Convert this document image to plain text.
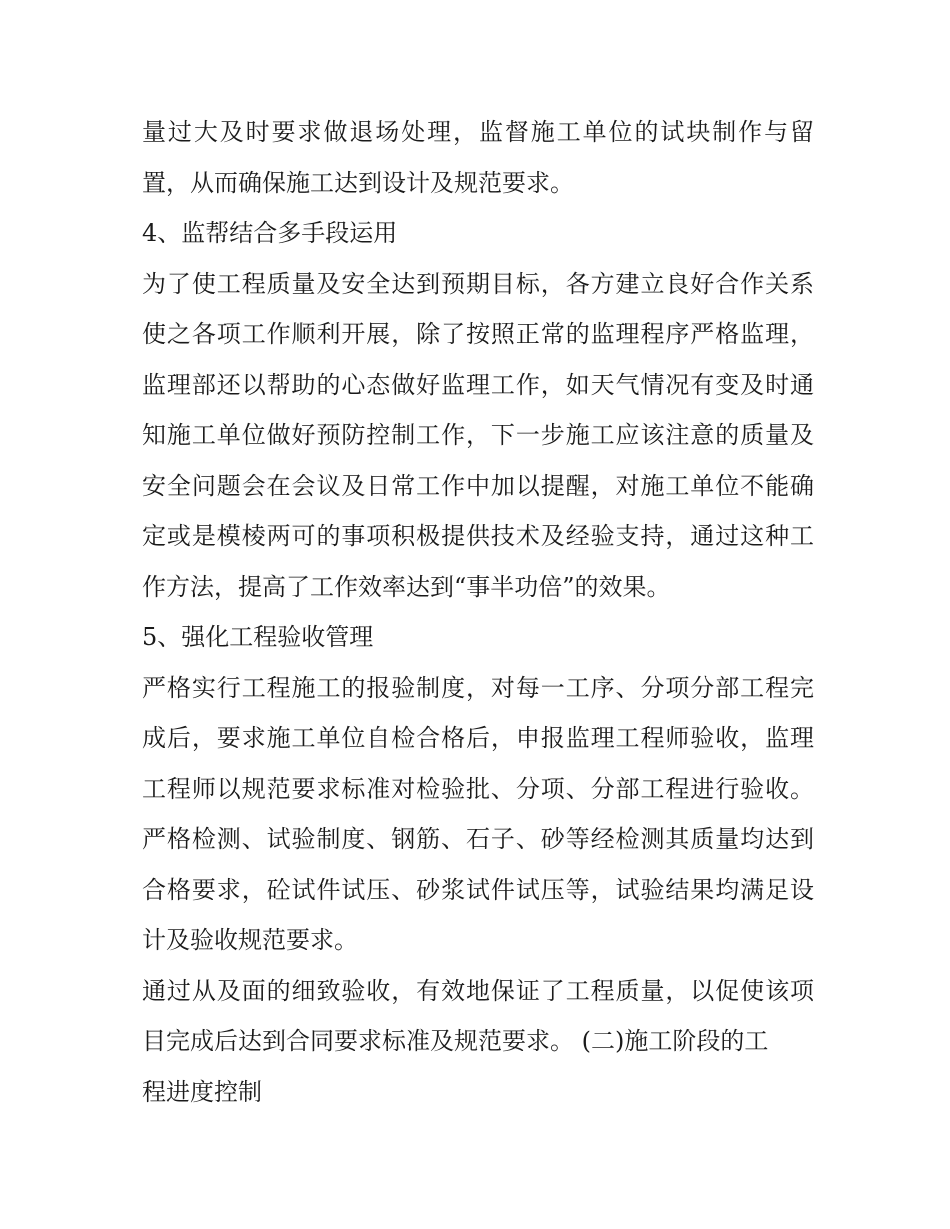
量过大及时要求做退场处理，监督施工单位的试块制作与留
置，从而确保施工达到设计及规范要求。
4、监帮结合多手段运用
为了使工程质量及安全达到预期目标，各方建立良好合作关系
使之各项工作顺利开展，除了按照正常的监理程序严格监理，
监理部还以帮助的心态做好监理工作，如天气情况有变及时通
知施工单位做好预防控制工作，下一步施工应该注意的质量及
安全问题会在会议及日常工作中加以提醒，对施工单位不能确
定或是模棱两可的事项积极提供技术及经验支持，通过这种工
作方法，提高了工作效率达到“事半功倍”的效果。
5、强化工程验收管理
严格实行工程施工的报验制度，对每一工序、分项分部工程完
成后，要求施工单位自检合格后，申报监理工程师验收，监理
工程师以规范要求标准对检验批、分项、分部工程进行验收。
严格检测、试验制度、钢筋、石子、砂等经检测其质量均达到
合格要求，砼试件试压、砂浆试件试压等，试验结果均满足设
计及验收规范要求。
通过从及面的细致验收，有效地保证了工程质量，以促使该项
目完成后达到合同要求标准及规范要求。 (二)施工阶段的工
程进度控制
